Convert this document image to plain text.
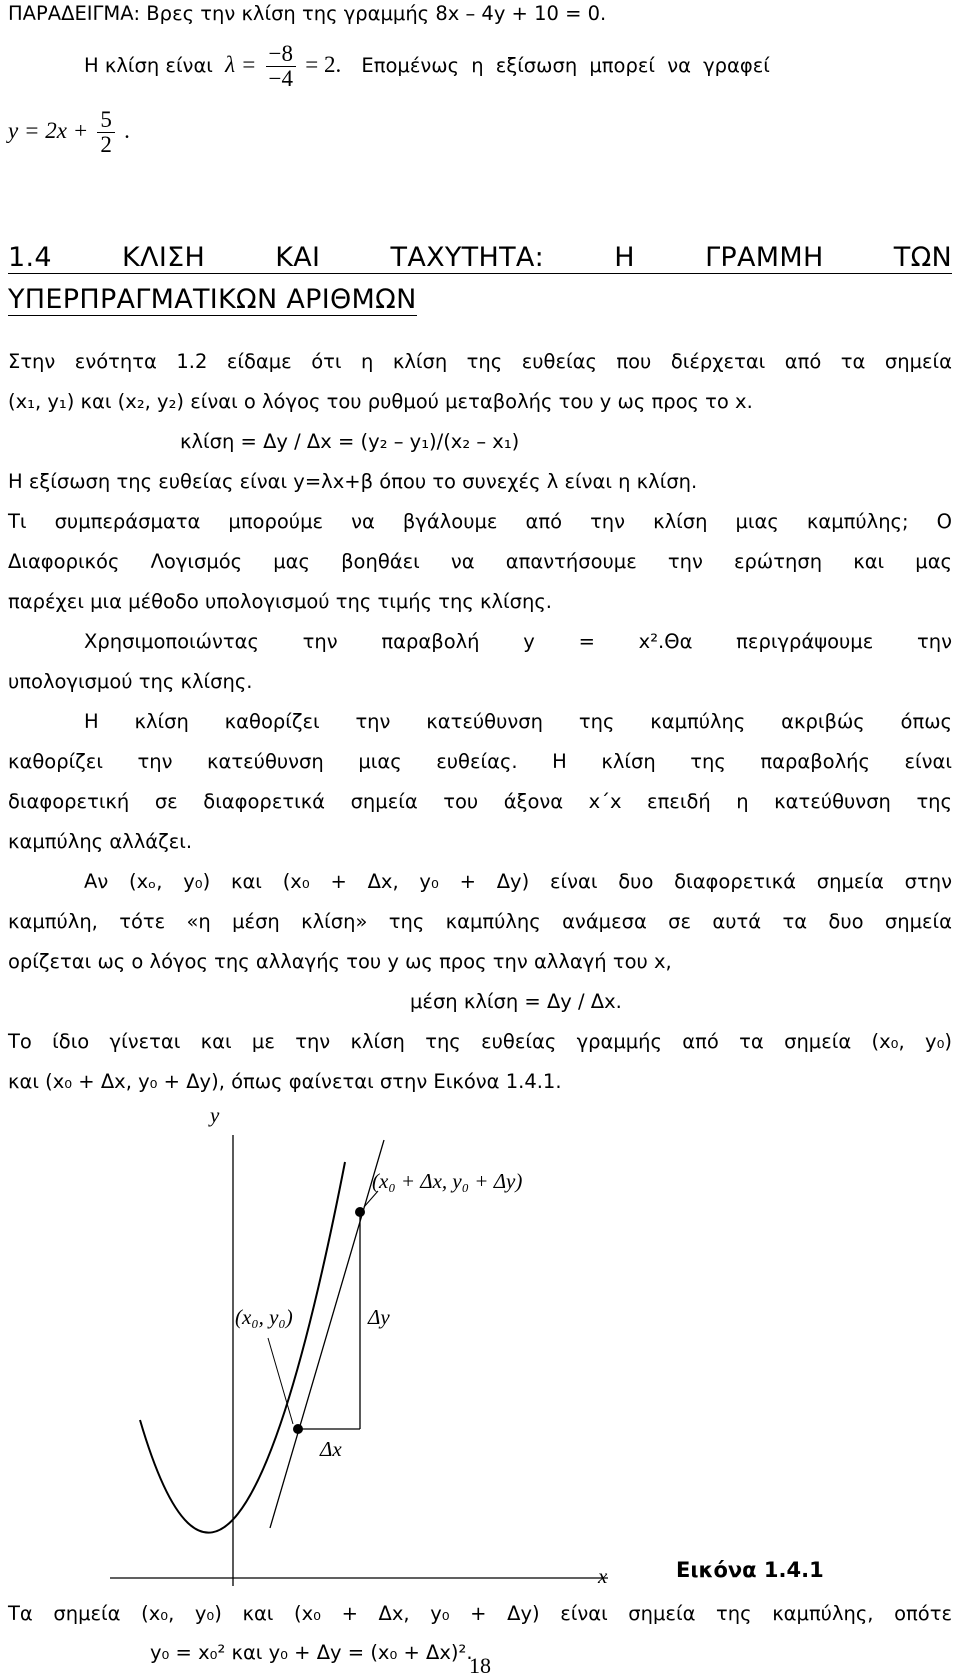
ΠΑΡΑΔΕΙΓΜΑ: Βρες την κλίση της γραμμής 8x – 4y + 10 = 0.
Η κλίση είναι $\lambda = \frac{-8}{-4} = 2$. Επομένως η εξίσωση μπορεί να γραφεί
$y = 2x + \frac{5}{2}$ .
1.4 ΚΛΙΣΗ ΚΑΙ ΤΑΧΥΤΗΤΑ: Η ΓΡΑΜΜΗ ΤΩΝ
ΥΠΕΡΠΡΑΓΜΑΤΙΚΩΝ ΑΡΙΘΜΩΝ
Στην ενότητα 1.2 είδαμε ότι η κλίση της ευθείας που διέρχεται από τα σημεία
(x₁, y₁) και (x₂, y₂) είναι ο λόγος του ρυθμού μεταβολής του y ως προς το x.
κλίση = Δy / Δx = (y₂ – y₁)/(x₂ – x₁)
Η εξίσωση της ευθείας είναι y=λx+β όπου το συνεχές λ είναι η κλίση.
Τι συμπεράσματα μπορούμε να βγάλουμε από την κλίση μιας καμπύλης; Ο
Διαφορικός Λογισμός μας βοηθάει να απαντήσουμε την ερώτηση και μας
παρέχει μια μέθοδο υπολογισμού της τιμής της κλίσης.
Χρησιμοποιώντας την παραβολή y = x².Θα περιγράψουμε την
υπολογισμού της κλίσης.
Η κλίση καθορίζει την κατεύθυνση της καμπύλης ακριβώς όπως
καθορίζει την κατεύθυνση μιας ευθείας. Η κλίση της παραβολής είναι
διαφορετική σε διαφορετικά σημεία του άξονα x΄x επειδή η κατεύθυνση της
καμπύλης αλλάζει.
Αν (xₒ, y₀) και (x₀ + Δx, y₀ + Δy) είναι δυο διαφορετικά σημεία στην
καμπύλη, τότε «η μέση κλίση» της καμπύλης ανάμεσα σε αυτά τα δυο σημεία
ορίζεται ως ο λόγος της αλλαγής του y ως προς την αλλαγή του x,
μέση κλίση = Δy / Δx.
Το ίδιο γίνεται και με την κλίση της ευθείας γραμμής από τα σημεία (x₀, y₀)
και (x₀ + Δx, y₀ + Δy), όπως φαίνεται στην Εικόνα 1.4.1.
y
x
(x₀ + Δx, y₀ + Δy)
(x₀, y₀)	Δy
Δx
Εικόνα 1.4.1
Τα σημεία (x₀, y₀) και (x₀ + Δx, y₀ + Δy) είναι σημεία της καμπύλης, οπότε
y₀ = x₀² και y₀ + Δy = (x₀ + Δx)².
18
